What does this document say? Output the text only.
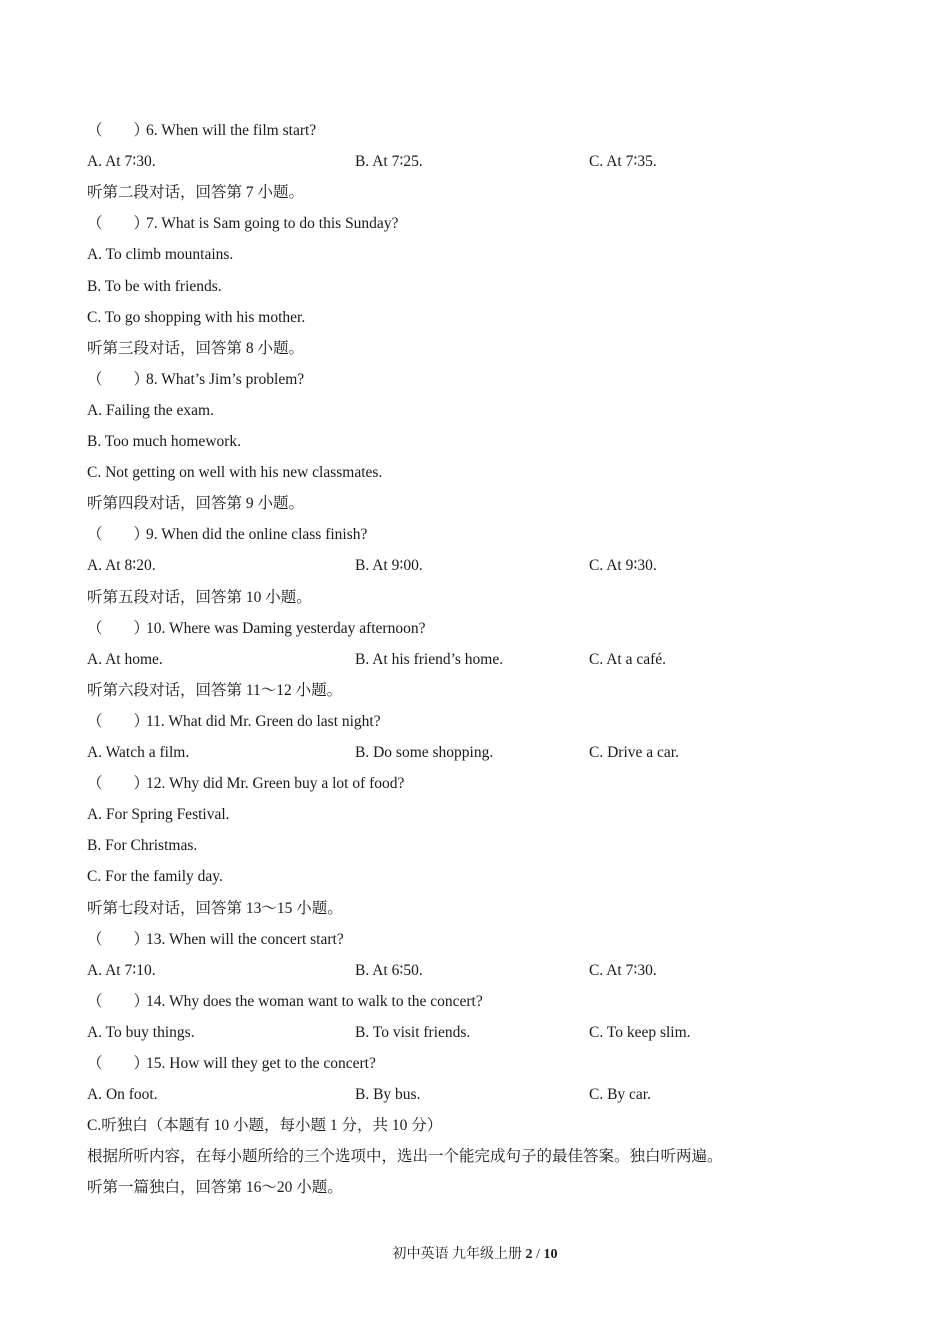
（　　）6. When will the film start?
A. At 7∶30.	B. At 7∶25.	C. At 7∶35.
听第二段对话，回答第 7 小题。
（　　）7. What is Sam going to do this Sunday?
A. To climb mountains.
B. To be with friends.
C. To go shopping with his mother.
听第三段对话，回答第 8 小题。
（　　）8. What’s Jim’s problem?
A. Failing the exam.
B. Too much homework.
C. Not getting on well with his new classmates.
听第四段对话，回答第 9 小题。
（　　）9. When did the online class finish?
A. At 8∶20.	B. At 9∶00.	C. At 9∶30.
听第五段对话，回答第 10 小题。
（　　）10. Where was Daming yesterday afternoon?
A. At home.	B. At his friend’s home.	C. At a café.
听第六段对话，回答第 11～12 小题。
（　　）11. What did Mr. Green do last night?
A. Watch a film.	B. Do some shopping.	C. Drive a car.
（　　）12. Why did Mr. Green buy a lot of food?
A. For Spring Festival.
B. For Christmas.
C. For the family day.
听第七段对话，回答第 13～15 小题。
（　　）13. When will the concert start?
A. At 7∶10.	B. At 6∶50.	C. At 7∶30.
（　　）14. Why does the woman want to walk to the concert?
A. To buy things.	B. To visit friends.	C. To keep slim.
（　　）15. How will they get to the concert?
A. On foot.	B. By bus.	C. By car.
C.听独白（本题有 10 小题，每小题 1 分，共 10 分）
根据所听内容，在每小题所给的三个选项中，选出一个能完成句子的最佳答案。独白听两遍。
听第一篇独白，回答第 16～20 小题。
初中英语 九年级上册 2 / 10
